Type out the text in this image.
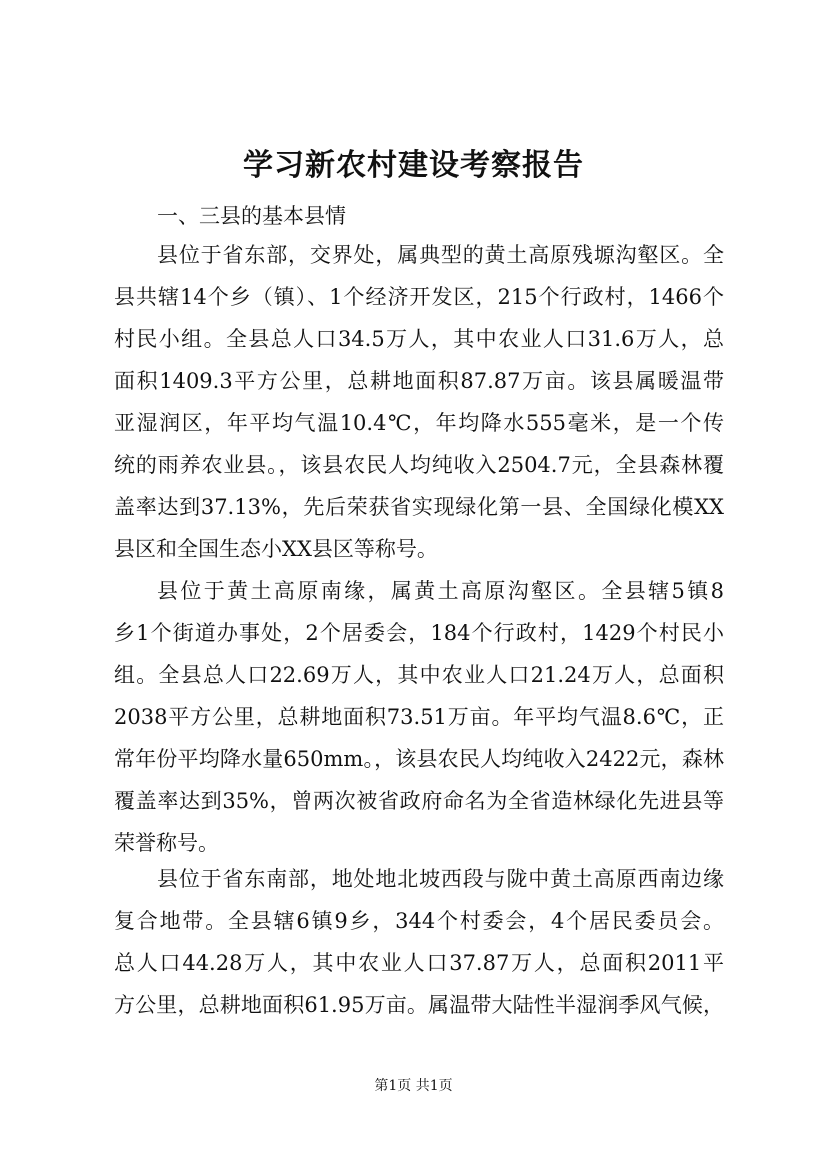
学习新农村建设考察报告
一、三县的基本县情
县位于省东部，交界处，属典型的黄土高原残塬沟壑区。全
县共辖14个乡（镇）、1个经济开发区，215个行政村，1466个
村民小组。全县总人口34.5万人，其中农业人口31.6万人，总
面积1409.3平方公里，总耕地面积87.87万亩。该县属暖温带
亚湿润区，年平均气温10.4℃，年均降水555毫米，是一个传
统的雨养农业县。，该县农民人均纯收入2504.7元，全县森林覆
盖率达到37.13%，先后荣获省实现绿化第一县、全国绿化模XX
县区和全国生态小XX县区等称号。
县位于黄土高原南缘，属黄土高原沟壑区。全县辖5镇8
乡1个街道办事处，2个居委会，184个行政村，1429个村民小
组。全县总人口22.69万人，其中农业人口21.24万人，总面积
2038平方公里，总耕地面积73.51万亩。年平均气温8.6℃，正
常年份平均降水量650mm。，该县农民人均纯收入2422元，森林
覆盖率达到35%，曾两次被省政府命名为全省造林绿化先进县等
荣誉称号。
县位于省东南部，地处地北坡西段与陇中黄土高原西南边缘
复合地带。全县辖6镇9乡，344个村委会，4个居民委员会。
总人口44.28万人，其中农业人口37.87万人，总面积2011平
方公里，总耕地面积61.95万亩。属温带大陆性半湿润季风气候，
第1页 共1页
